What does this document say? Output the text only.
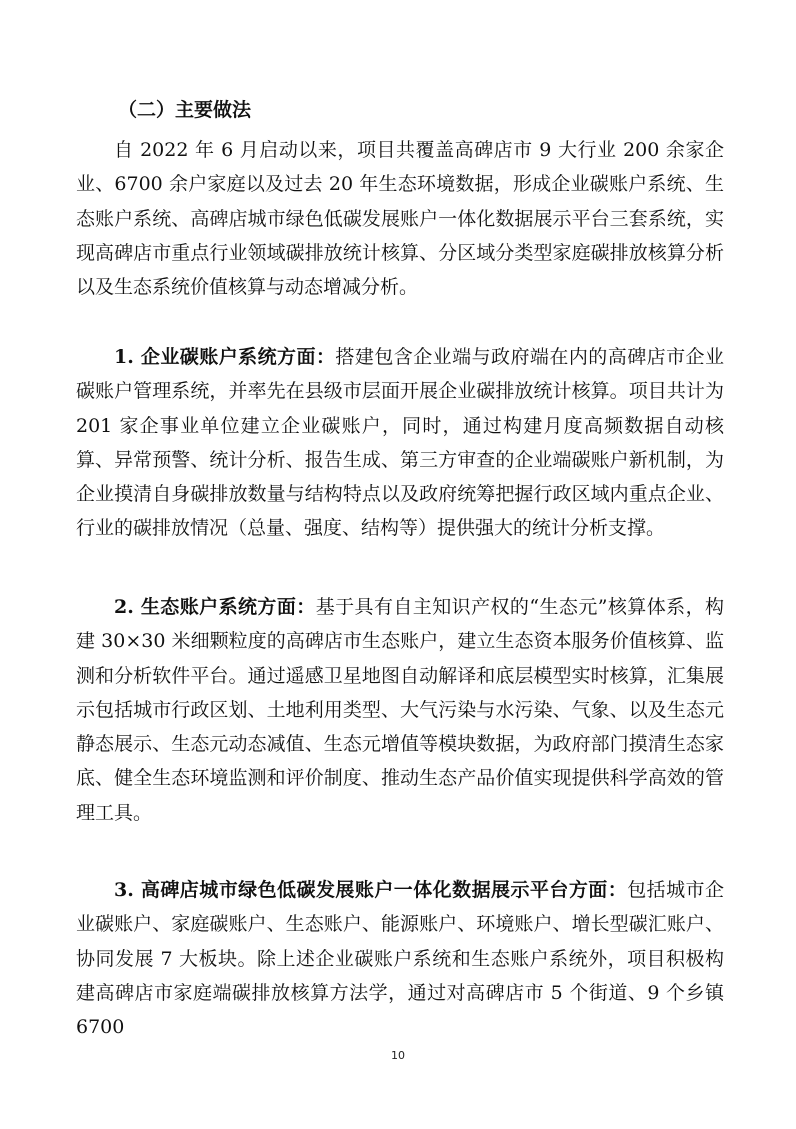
（二）主要做法

自 2022 年 6 月启动以来，项目共覆盖高碑店市 9 大行业 200 余家企业、6700 余户家庭以及过去 20 年生态环境数据，形成企业碳账户系统、生态账户系统、高碑店城市绿色低碳发展账户一体化数据展示平台三套系统，实现高碑店市重点行业领域碳排放统计核算、分区域分类型家庭碳排放核算分析以及生态系统价值核算与动态增减分析。

1. 企业碳账户系统方面：搭建包含企业端与政府端在内的高碑店市企业碳账户管理系统，并率先在县级市层面开展企业碳排放统计核算。项目共计为 201 家企事业单位建立企业碳账户，同时，通过构建月度高频数据自动核算、异常预警、统计分析、报告生成、第三方审查的企业端碳账户新机制，为企业摸清自身碳排放数量与结构特点以及政府统筹把握行政区域内重点企业、行业的碳排放情况（总量、强度、结构等）提供强大的统计分析支撑。

2. 生态账户系统方面：基于具有自主知识产权的“生态元”核算体系，构建 30×30 米细颗粒度的高碑店市生态账户，建立生态资本服务价值核算、监测和分析软件平台。通过遥感卫星地图自动解译和底层模型实时核算，汇集展示包括城市行政区划、土地利用类型、大气污染与水污染、气象、以及生态元静态展示、生态元动态减值、生态元增值等模块数据，为政府部门摸清生态家底、健全生态环境监测和评价制度、推动生态产品价值实现提供科学高效的管理工具。

3. 高碑店城市绿色低碳发展账户一体化数据展示平台方面：包括城市企业碳账户、家庭碳账户、生态账户、能源账户、环境账户、增长型碳汇账户、协同发展 7 大板块。除上述企业碳账户系统和生态账户系统外，项目积极构建高碑店市家庭端碳排放核算方法学，通过对高碑店市 5 个街道、9 个乡镇 6700

10
